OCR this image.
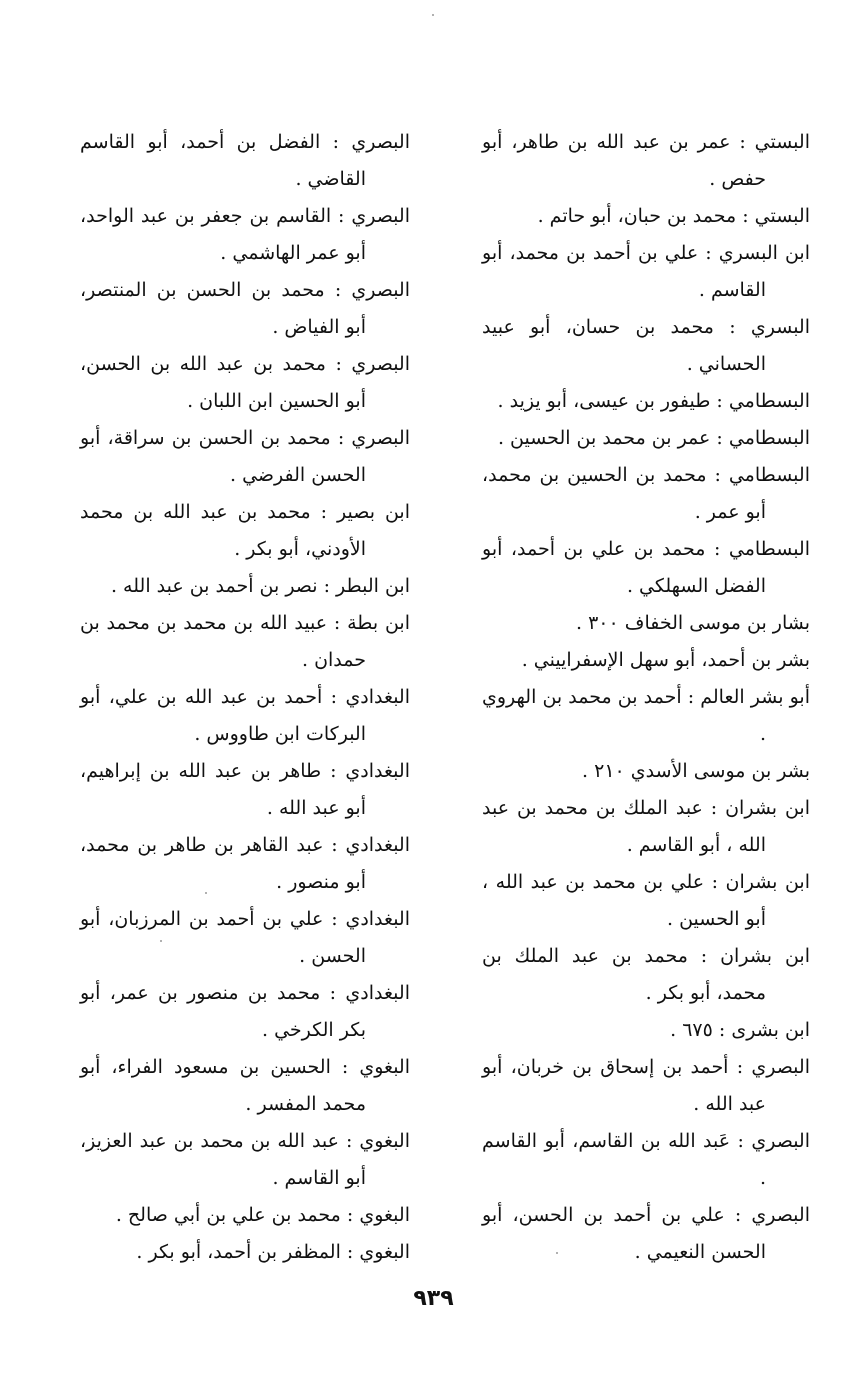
البستي : عمر بن عبد الله بن طاهر، أبو حفص .

البستي : محمد بن حبان، أبو حاتم .

ابن البسري : علي بن أحمد بن محمد، أبو القاسم .

البسري : محمد بن حسان، أبو عبيد الحساني .

البسطامي : طيفور بن عيسى، أبو يزيد .

البسطامي : عمر بن محمد بن الحسين .

البسطامي : محمد بن الحسين بن محمد، أبو عمر .

البسطامي : محمد بن علي بن أحمد، أبو الفضل السهلكي .

بشار بن موسى الخفاف ٣٠٠ .

بشر بن أحمد، أبو سهل الإسفراييني .

أبو بشر العالم : أحمد بن محمد بن الهروي .

بشر بن موسى الأسدي ٢١٠ .

ابن بشران : عبد الملك بن محمد بن عبد الله ، أبو القاسم .

ابن بشران : علي بن محمد بن عبد الله ، أبو الحسين .

ابن بشران : محمد بن عبد الملك بن محمد، أبو بكر .

ابن بشرى : ٦٧٥ .

البصري : أحمد بن إسحاق بن خربان، أبو عبد الله .

البصري : عَبد الله بن القاسم، أبو القاسم .

البصري : علي بن أحمد بن الحسن، أبو الحسن النعيمي .

البصري : الفضل بن أحمد، أبو القاسم القاضي .

البصري : القاسم بن جعفر بن عبد الواحد، أبو عمر الهاشمي .

البصري : محمد بن الحسن بن المنتصر، أبو الفياض .

البصري : محمد بن عبد الله بن الحسن، أبو الحسين ابن اللبان .

البصري : محمد بن الحسن بن سراقة، أبو الحسن الفرضي .

ابن بصير : محمد بن عبد الله بن محمد الأودني، أبو بكر .

ابن البطر : نصر بن أحمد بن عبد الله .

ابن بطة : عبيد الله بن محمد بن محمد بن حمدان .

البغدادي : أحمد بن عبد الله بن علي، أبو البركات ابن طاووس .

البغدادي : طاهر بن عبد الله بن إبراهيم، أبو عبد الله .

البغدادي : عبد القاهر بن طاهر بن محمد، أبو منصور .

البغدادي : علي بن أحمد بن المرزبان، أبو الحسن .

البغدادي : محمد بن منصور بن عمر، أبو بكر الكرخي .

البغوي : الحسين بن مسعود الفراء، أبو محمد المفسر .

البغوي : عبد الله بن محمد بن عبد العزيز، أبو القاسم .

البغوي : محمد بن علي بن أبي صالح .

البغوي : المظفر بن أحمد، أبو بكر .

٩٣٩
